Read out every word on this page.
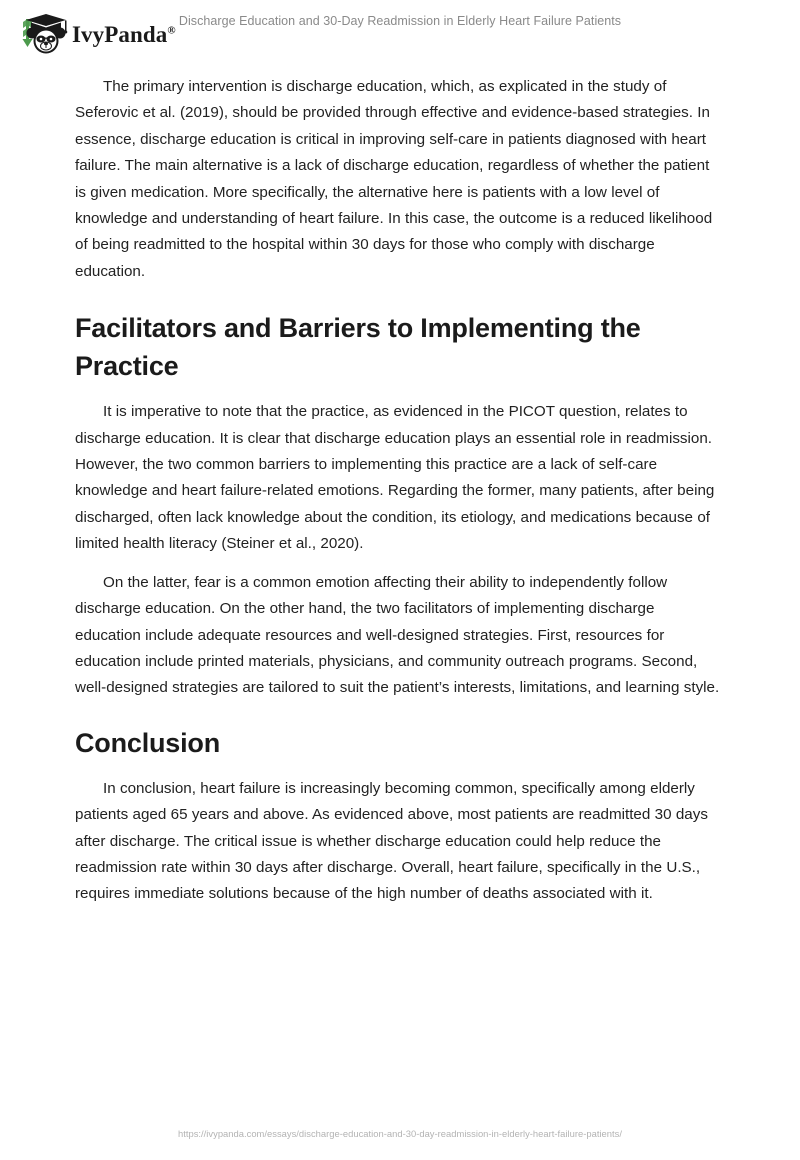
IvyPanda®
Discharge Education and 30-Day Readmission in Elderly Heart Failure Patients

The primary intervention is discharge education, which, as explicated in the study of Seferovic et al. (2019), should be provided through effective and evidence-based strategies. In essence, discharge education is critical in improving self-care in patients diagnosed with heart failure. The main alternative is a lack of discharge education, regardless of whether the patient is given medication. More specifically, the alternative here is patients with a low level of knowledge and understanding of heart failure. In this case, the outcome is a reduced likelihood of being readmitted to the hospital within 30 days for those who comply with discharge education.

Facilitators and Barriers to Implementing the Practice

It is imperative to note that the practice, as evidenced in the PICOT question, relates to discharge education. It is clear that discharge education plays an essential role in readmission. However, the two common barriers to implementing this practice are a lack of self-care knowledge and heart failure-related emotions. Regarding the former, many patients, after being discharged, often lack knowledge about the condition, its etiology, and medications because of limited health literacy (Steiner et al., 2020).

On the latter, fear is a common emotion affecting their ability to independently follow discharge education. On the other hand, the two facilitators of implementing discharge education include adequate resources and well-designed strategies. First, resources for education include printed materials, physicians, and community outreach programs. Second, well-designed strategies are tailored to suit the patient’s interests, limitations, and learning style.

Conclusion

In conclusion, heart failure is increasingly becoming common, specifically among elderly patients aged 65 years and above. As evidenced above, most patients are readmitted 30 days after discharge. The critical issue is whether discharge education could help reduce the readmission rate within 30 days after discharge. Overall, heart failure, specifically in the U.S., requires immediate solutions because of the high number of deaths associated with it.

https://ivypanda.com/essays/discharge-education-and-30-day-readmission-in-elderly-heart-failure-patients/
